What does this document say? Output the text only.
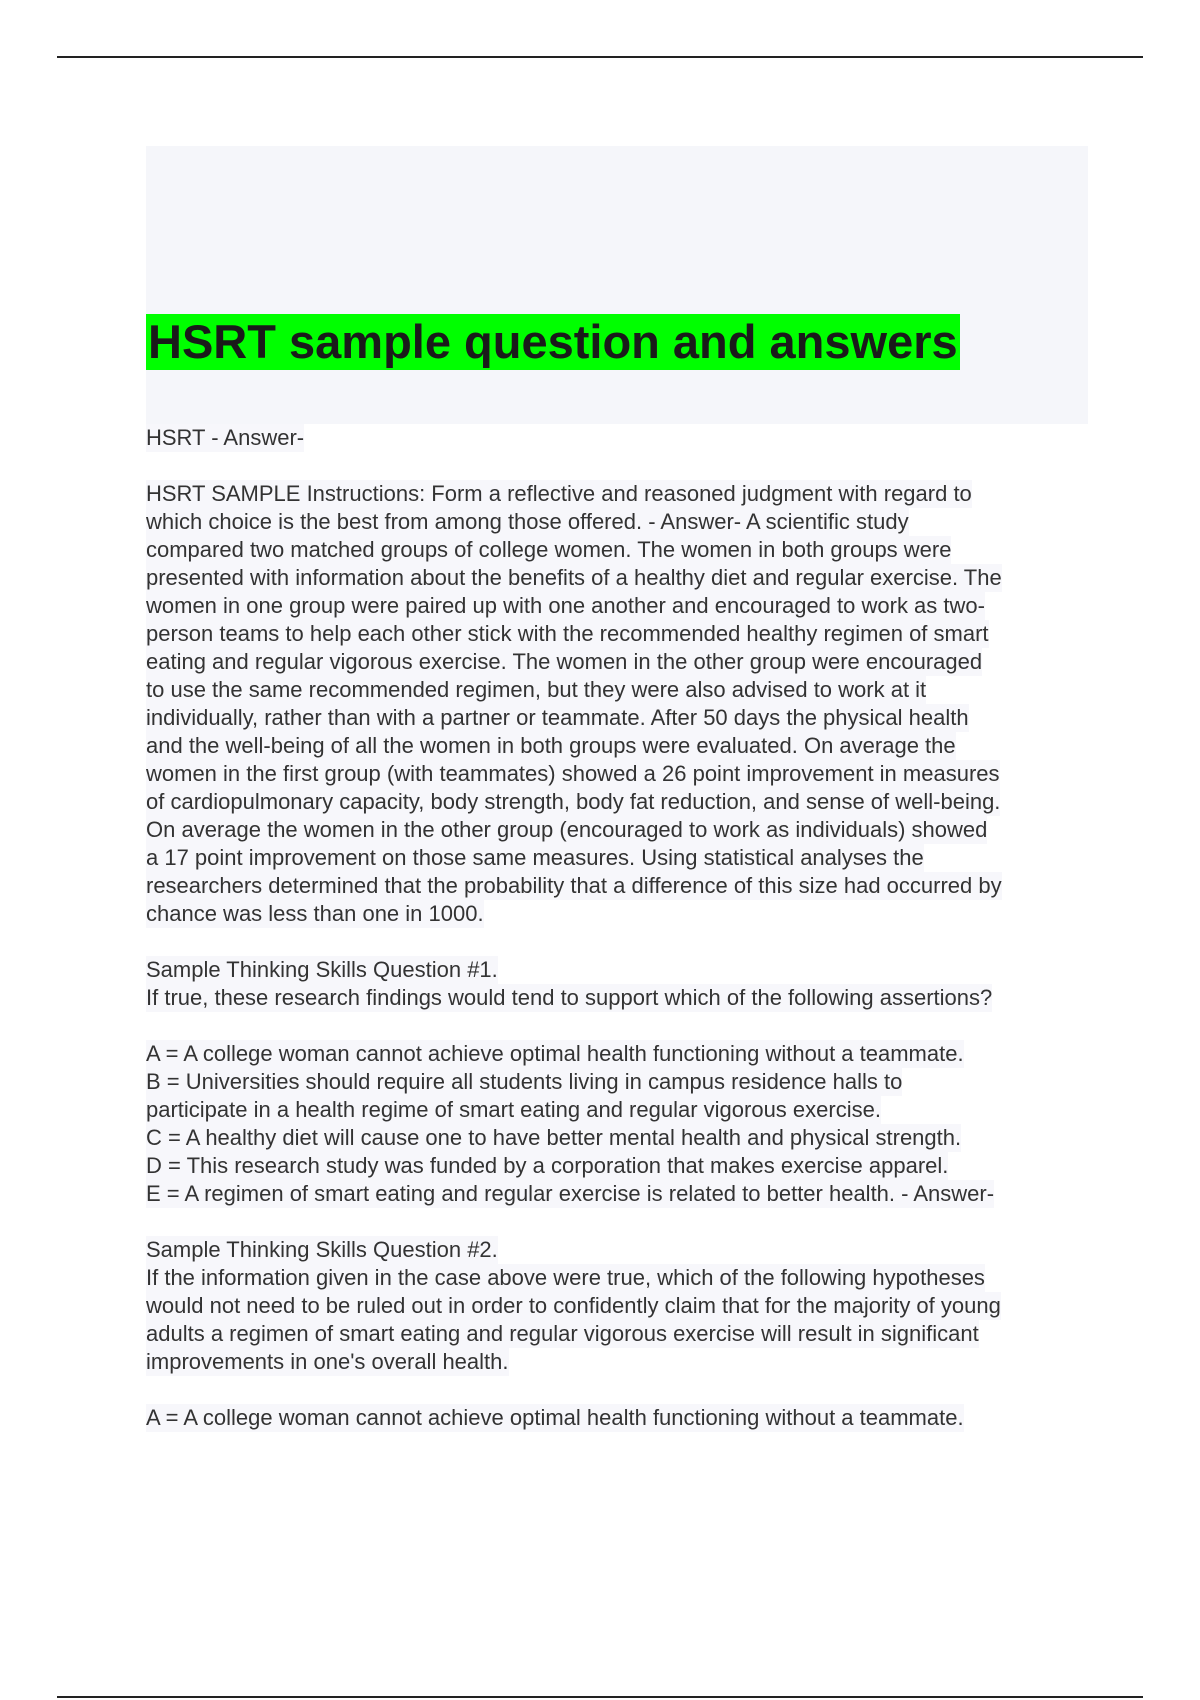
HSRT sample question and answers

HSRT - Answer-

HSRT SAMPLE Instructions: Form a reflective and reasoned judgment with regard to
which choice is the best from among those offered. - Answer- A scientific study
compared two matched groups of college women. The women in both groups were
presented with information about the benefits of a healthy diet and regular exercise. The
women in one group were paired up with one another and encouraged to work as two-
person teams to help each other stick with the recommended healthy regimen of smart
eating and regular vigorous exercise. The women in the other group were encouraged
to use the same recommended regimen, but they were also advised to work at it
individually, rather than with a partner or teammate. After 50 days the physical health
and the well-being of all the women in both groups were evaluated. On average the
women in the first group (with teammates) showed a 26 point improvement in measures
of cardiopulmonary capacity, body strength, body fat reduction, and sense of well-being.
On average the women in the other group (encouraged to work as individuals) showed
a 17 point improvement on those same measures. Using statistical analyses the
researchers determined that the probability that a difference of this size had occurred by
chance was less than one in 1000.

Sample Thinking Skills Question #1.
If true, these research findings would tend to support which of the following assertions?

A = A college woman cannot achieve optimal health functioning without a teammate.
B = Universities should require all students living in campus residence halls to
participate in a health regime of smart eating and regular vigorous exercise.
C = A healthy diet will cause one to have better mental health and physical strength.
D = This research study was funded by a corporation that makes exercise apparel.
E = A regimen of smart eating and regular exercise is related to better health. - Answer-

Sample Thinking Skills Question #2.
If the information given in the case above were true, which of the following hypotheses
would not need to be ruled out in order to confidently claim that for the majority of young
adults a regimen of smart eating and regular vigorous exercise will result in significant
improvements in one's overall health.

A = A college woman cannot achieve optimal health functioning without a teammate.
